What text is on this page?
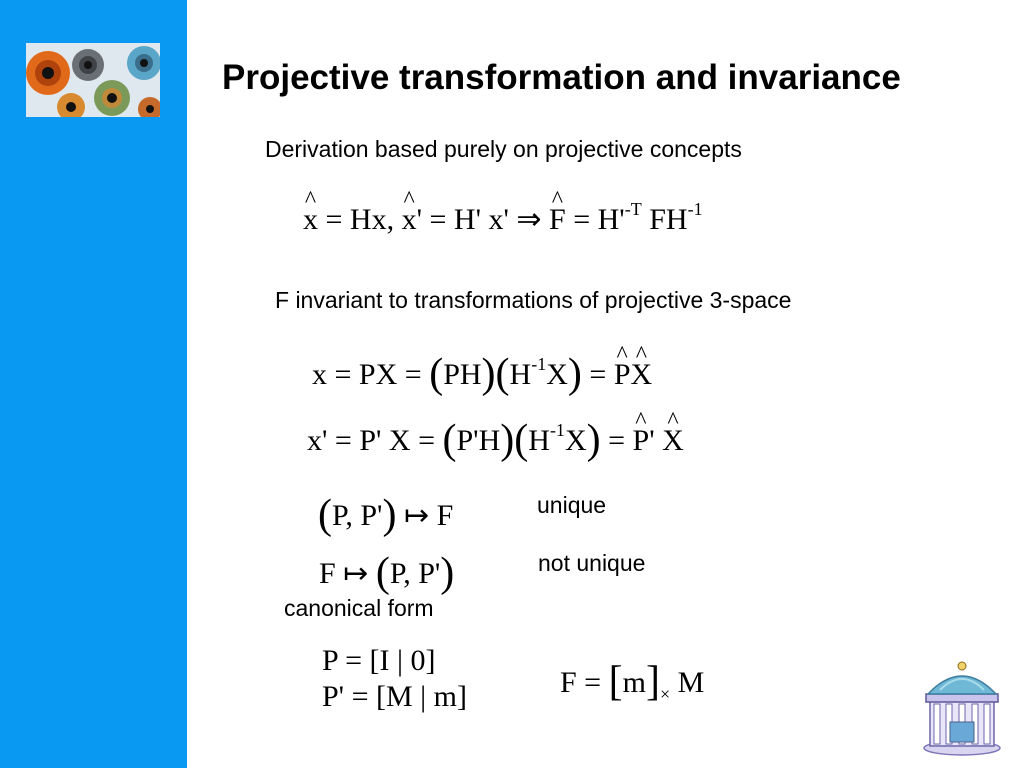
Projective transformation and invariance
Derivation based purely on projective concepts
^ x = Hx, ^ x' = H' x' ⇒ ^ $F = H'^{-T}$ $FH^{-1}$
F invariant to transformations of projective 3-space
x = PX = $(PH)(H^{-1}X)$ = ^ P^ X
x' = P' $X = (P'H)(H^{-1}X)$ = ^ P' ^ X
(P, P') ↦ F	unique
F ↦ (P, P')	not unique
canonical form
P = [I | 0]
P' = [M | m]	$F = [m]_\times$ M
